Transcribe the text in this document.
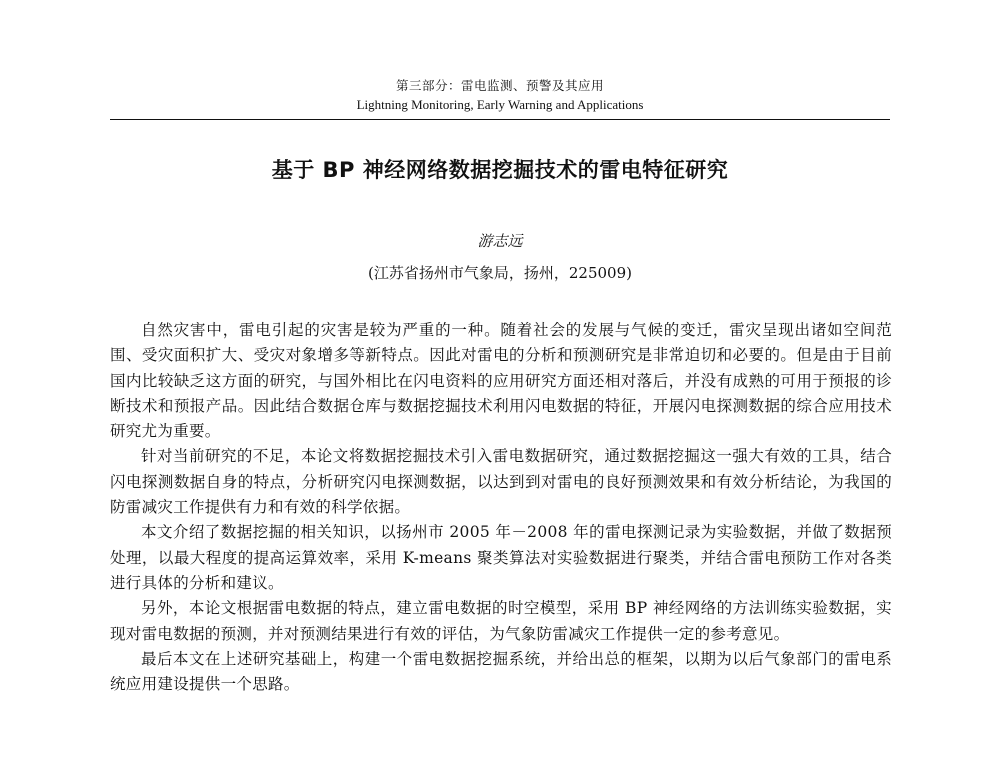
第三部分：雷电监测、预警及其应用
Lightning Monitoring, Early Warning and Applications
基于 BP 神经网络数据挖掘技术的雷电特征研究
游志远
(江苏省扬州市气象局，扬州，225009)

自然灾害中，雷电引起的灾害是较为严重的一种。随着社会的发展与气候的变迁，雷灾呈现出诸如空间范围、受灾面积扩大、受灾对象增多等新特点。因此对雷电的分析和预测研究是非常迫切和必要的。但是由于目前国内比较缺乏这方面的研究，与国外相比在闪电资料的应用研究方面还相对落后，并没有成熟的可用于预报的诊断技术和预报产品。因此结合数据仓库与数据挖掘技术利用闪电数据的特征，开展闪电探测数据的综合应用技术研究尤为重要。

针对当前研究的不足，本论文将数据挖掘技术引入雷电数据研究，通过数据挖掘这一强大有效的工具，结合闪电探测数据自身的特点，分析研究闪电探测数据，以达到到对雷电的良好预测效果和有效分析结论，为我国的防雷减灾工作提供有力和有效的科学依据。

本文介绍了数据挖掘的相关知识，以扬州市 2005 年－2008 年的雷电探测记录为实验数据，并做了数据预处理，以最大程度的提高运算效率，采用 K-means 聚类算法对实验数据进行聚类，并结合雷电预防工作对各类进行具体的分析和建议。

另外，本论文根据雷电数据的特点，建立雷电数据的时空模型，采用 BP 神经网络的方法训练实验数据，实现对雷电数据的预测，并对预测结果进行有效的评估，为气象防雷减灾工作提供一定的参考意见。

最后本文在上述研究基础上，构建一个雷电数据挖掘系统，并给出总的框架，以期为以后气象部门的雷电系统应用建设提供一个思路。
